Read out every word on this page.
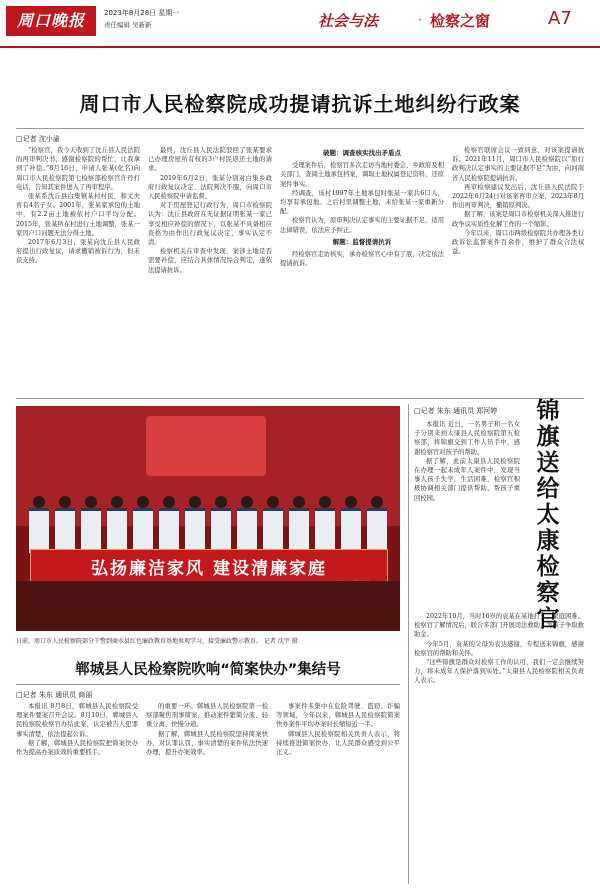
周口晚报	2023年8月28日 星期一
责任编辑 吴新新	社会与法	· 检察之窗	A7
周口市人民检察院成功提请抗诉土地纠纷行政案
□记者 沈小渝

“检察官，我今天收到了沈丘县人民法院的再审判决书，感谢检察院的帮忙，让我拿到了补偿。”8月16日，申请人张某(化名)向周口市人民检察院第七检察部检察官许丹打电话，告知其案件进入了再审程序。

张某系沈丘县白集镇某村村民，和丈夫育有4名子女。2001年，张某家承包的土地中，有2.2亩土地被依村户口平均分配。2015年，张某所在村进行土地调整，张某一家因户口问题无法分得土地。

2017年6月3日，张某向沈丘县人民政府提出行政复议，请求撤销被诉行为，但未获支持。

最终，沈丘县人民法院驳回了张某要求已办理房屋所有权的3户村民返还土地的请求。

2019年6月2日，张某分别对白集乡政府行政复议决定、法院判决不服，向周口市人民检察院申请监督。

对于房屋登记行政行为，周口市检察院认为：沈丘县政府在无证据证明张某一家已享受相应补偿的情况下，以张某不具备相应资格为由作出行政复议决定，事实认定不清。

检察机关在审查中发现，案涉土地是否需要补偿，应结合具体情况综合判定，遂依法提请抗诉。

破题：调查核实找出矛盾点

受理案件后，检察官多次走访当地村委会、乡政府及相关部门，查阅土地承包档案，调取土地权属登记资料，还原案件事实。

经调查，该村1997年土地承包时张某一家共6口人，均享有承包地。之后村里调整土地，未给张某一家重新分配。

检察官认为，原审判决认定事实的主要证据不足，适用法律错误，依法应予纠正。

解题：监督提请抗诉

经检察官走访核实，承办检察官心中有了底，决定依法提请抗诉。

检察官联席会议一致同意，对该案提请抗诉。2021年11月，周口市人民检察院以“原行政判决认定事实的主要证据不足”为由，向河南省人民检察院提请抗诉。

再审检察建议发出后，沈丘县人民法院于2022年6月24日对该案再审立案，2023年8月作出再审判决，撤销原判决。

据了解，该案是周口市检察机关深入推进行政争议实质性化解工作的一个缩影。

今年以来，周口市两级检察院共办理各类行政诉讼监督案件百余件，维护了群众合法权益。

弘扬廉洁家风 建设清廉家庭
日前，周口市人民检察院部分干警到商水县红色廉政教育基地参观学习，接受廉政警示教育。 记者 沈宇 摄
郸城县人民检察院吹响“简案快办”集结号
□记者 朱东 通讯员 商丽

本报讯 8月8日，郸城县人民检察院受理案件要案召开会议。8月10日，郸城县人民检察院检察官办结此案，认定被告人犯罪事实清楚，依法提起公诉。

据了解，郸城县人民检察院把简案快办作为提高办案质效的重要抓手。

的重要一环。郸城县人民检察院第一检察部聚焦刑事简案，推动案件繁简分流、轻重分离、快慢分道。

据了解，郸城县人民检察院坚持简案快办，对认罪认罚、事实清楚的案件依法快速办理，提升办案效率。

事案件多集中在危险驾驶、盗窃、诈骗等领域，今年以来，郸城县人民检察院简案快办案件平均办案时长缩短近一半。

郸城县人民检察院相关负责人表示，将持续推进简案快办，让人民群众感受到公平正义。

□记者 朱东 通讯员 郑河婷	锦旗送给太康检察官

本报讯 近日，一名男子和一名女子分别来到太康县人民检察院第五检察部，将锦旗交到工作人员手中，感谢检察官对孩子的帮助。

据了解，此前太康县人民检察院在办理一起未成年人案件中，发现当事人孩子失学，生活困难，检察官积极协调相关部门提供帮助，帮孩子重回校园。

2022年10月，当时16岁的袁某在某地打工，家庭困难。检察官了解情况后，联合多部门开展司法救助，为孩子争取救助金。

今年5月，袁某的父母为表达感谢，专程送来锦旗，感谢检察官的帮助和关怀。

“这些锦旗是群众对检察工作的认可，我们一定会继续努力，将未成年人保护落到实处。”太康县人民检察院相关负责人表示。
